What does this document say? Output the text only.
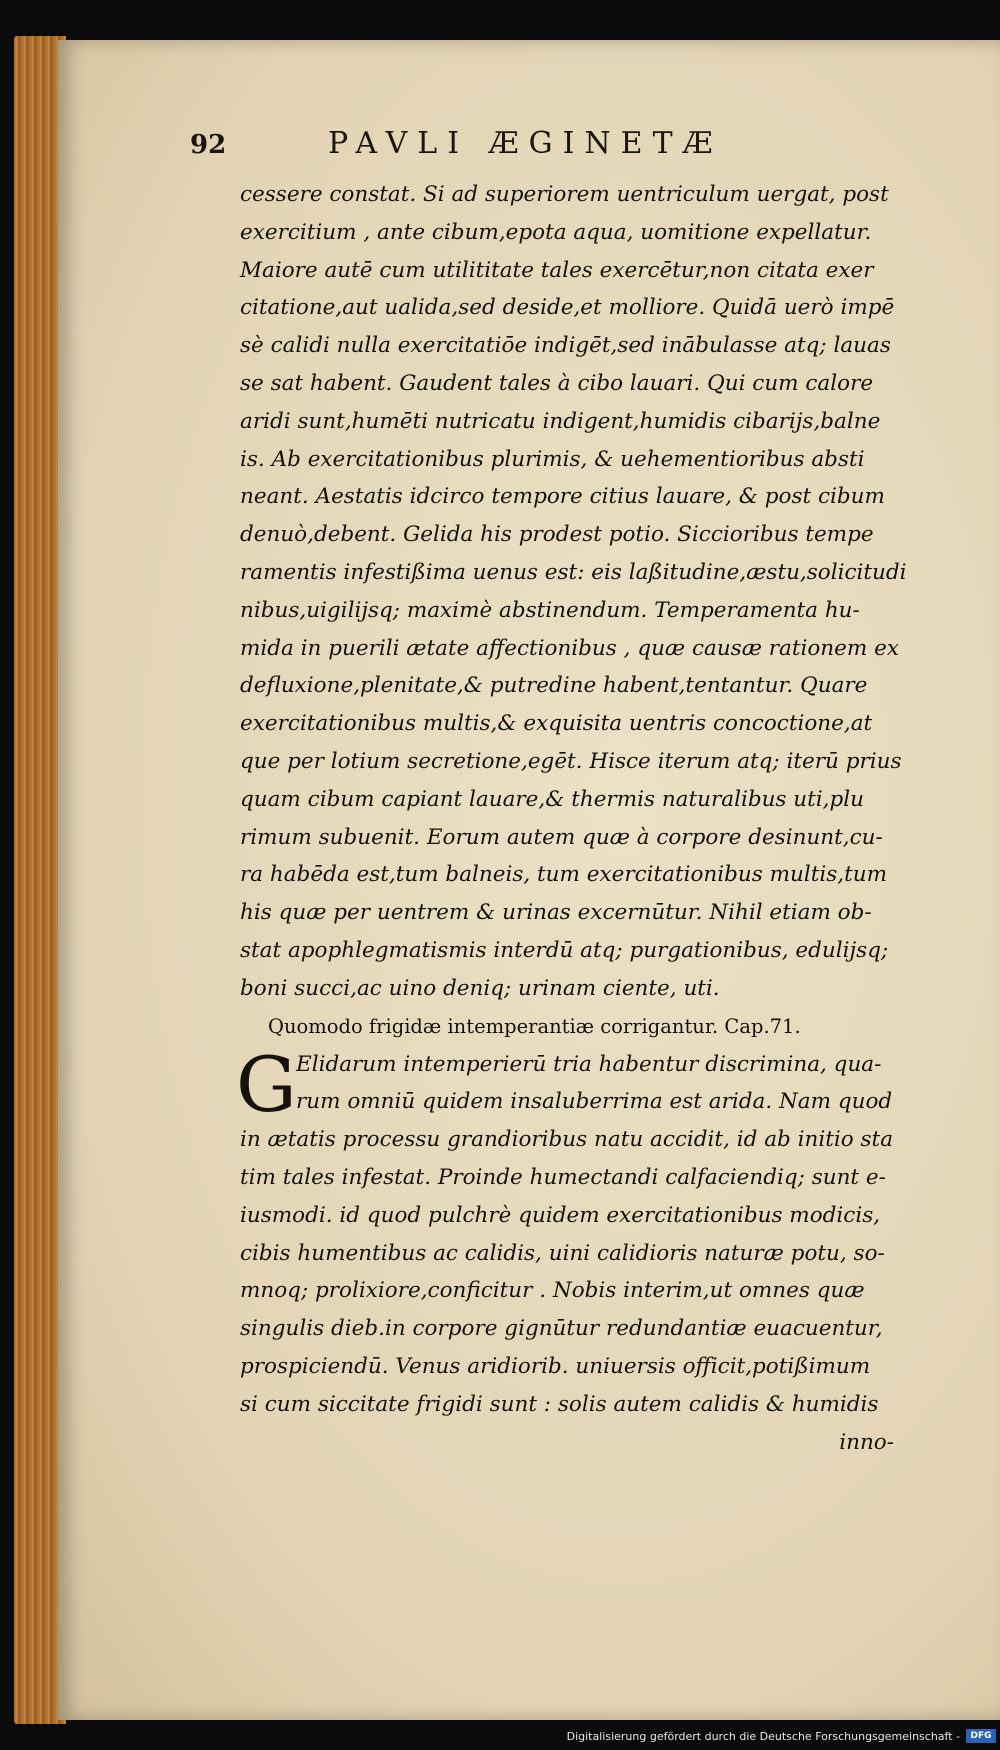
92	PAVLI ÆGINETÆ
cessere constat. Si ad superiorem uentriculum uergat, post
exercitium , ante cibum,epota aqua, uomitione expellatur.
Maiore autē cum utilititate tales exercētur,non citata exer
citatione,aut ualida,sed deside,et molliore. Quidā uerò impē
sè calidi nulla exercitatiōe indigēt,sed inābulasse atq; lauas
se sat habent. Gaudent tales à cibo lauari. Qui cum calore
aridi sunt,humēti nutricatu indigent,humidis cibarijs,balne
is. Ab exercitationibus plurimis, & uehementioribus absti
neant. Aestatis idcirco tempore citius lauare, & post cibum
denuò,debent. Gelida his prodest potio. Siccioribus tempe
ramentis infestißima uenus est: eis laßitudine,æstu,solicitudi
nibus,uigilijsq; maximè abstinendum. Temperamenta hu-
mida in puerili ætate affectionibus , quæ causæ rationem ex
defluxione,plenitate,& putredine habent,tentantur. Quare
exercitationibus multis,& exquisita uentris concoctione,at
que per lotium secretione,egēt. Hisce iterum atq; iterū prius
quam cibum capiant lauare,& thermis naturalibus uti,plu
rimum subuenit. Eorum autem quæ à corpore desinunt,cu-
ra habēda est,tum balneis, tum exercitationibus multis,tum
his quæ per uentrem & urinas excernūtur. Nihil etiam ob-
stat apophlegmatismis interdū atq; purgationibus, edulijsq;
boni succi,ac uino deniq; urinam ciente, uti.
Quomodo frigidæ intemperantiæ corrigantur. Cap.71.
G Elidarum intemperierū tria habentur discrimina, qua-
rum omniū quidem insaluberrima est arida. Nam quod
in ætatis processu grandioribus natu accidit, id ab initio sta
tim tales infestat. Proinde humectandi calfaciendiq; sunt e-
iusmodi. id quod pulchrè quidem exercitationibus modicis,
cibis humentibus ac calidis, uini calidioris naturæ potu, so-
mnoq; prolixiore,conficitur . Nobis interim,ut omnes quæ
singulis dieb.in corpore gignūtur redundantiæ euacuentur,
prospiciendū. Venus aridiorib. uniuersis officit,potißimum
si cum siccitate frigidi sunt : solis autem calidis & humidis
inno-
Digitalisierung gefördert durch die Deutsche Forschungsgemeinschaft -	DFG
